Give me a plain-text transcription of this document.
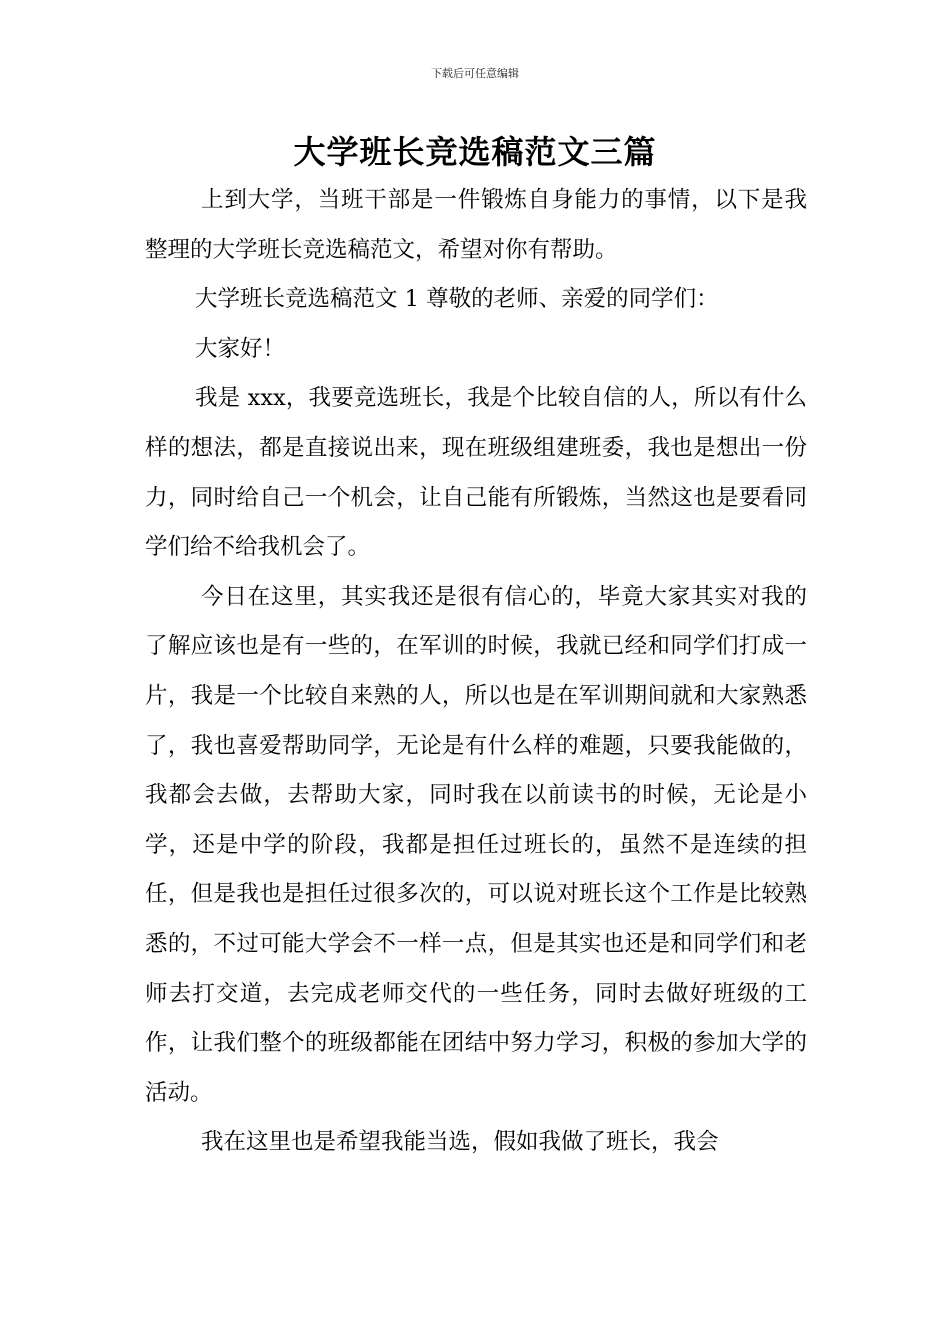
下载后可任意编辑
大学班长竞选稿范文三篇

上到大学，当班干部是一件锻炼自身能力的事情，以下是我整理的大学班长竞选稿范文，希望对你有帮助。

大学班长竞选稿范文 1 尊敬的老师、亲爱的同学们：

大家好！

我是 xxx，我要竞选班长，我是个比较自信的人，所以有什么样的想法，都是直接说出来，现在班级组建班委，我也是想出一份力，同时给自己一个机会，让自己能有所锻炼，当然这也是要看同学们给不给我机会了。

今日在这里，其实我还是很有信心的，毕竟大家其实对我的了解应该也是有一些的，在军训的时候，我就已经和同学们打成一片，我是一个比较自来熟的人，所以也是在军训期间就和大家熟悉了，我也喜爱帮助同学，无论是有什么样的难题，只要我能做的，我都会去做，去帮助大家，同时我在以前读书的时候，无论是小学，还是中学的阶段，我都是担任过班长的，虽然不是连续的担任，但是我也是担任过很多次的，可以说对班长这个工作是比较熟悉的，不过可能大学会不一样一点，但是其实也还是和同学们和老师去打交道，去完成老师交代的一些任务，同时去做好班级的工作，让我们整个的班级都能在团结中努力学习，积极的参加大学的活动。

我在这里也是希望我能当选，假如我做了班长，我会
